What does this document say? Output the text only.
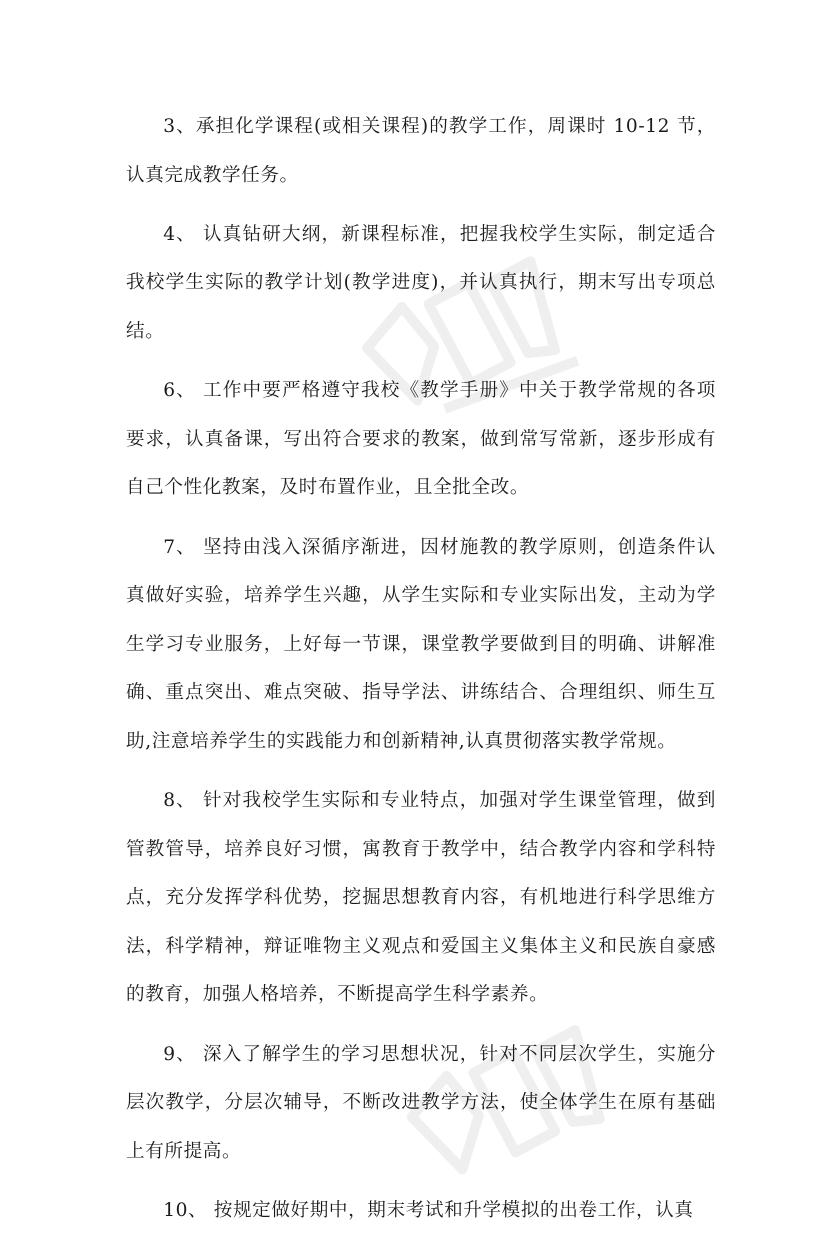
3、承担化学课程(或相关课程)的教学工作，周课时 10-12 节，认真完成教学任务。

4、 认真钻研大纲，新课程标准，把握我校学生实际，制定适合我校学生实际的教学计划(教学进度)，并认真执行，期末写出专项总结。

6、 工作中要严格遵守我校《教学手册》中关于教学常规的各项要求，认真备课，写出符合要求的教案，做到常写常新，逐步形成有自己个性化教案，及时布置作业，且全批全改。

7、 坚持由浅入深循序渐进，因材施教的教学原则，创造条件认真做好实验，培养学生兴趣，从学生实际和专业实际出发，主动为学生学习专业服务，上好每一节课，课堂教学要做到目的明确、讲解准确、重点突出、难点突破、指导学法、讲练结合、合理组织、师生互助,注意培养学生的实践能力和创新精神,认真贯彻落实教学常规。

8、 针对我校学生实际和专业特点，加强对学生课堂管理，做到管教管导，培养良好习惯，寓教育于教学中，结合教学内容和学科特点，充分发挥学科优势，挖掘思想教育内容，有机地进行科学思维方法，科学精神，辩证唯物主义观点和爱国主义集体主义和民族自豪感的教育，加强人格培养，不断提高学生科学素养。

9、 深入了解学生的学习思想状况，针对不同层次学生，实施分层次教学，分层次辅导，不断改进教学方法，使全体学生在原有基础上有所提高。

10、 按规定做好期中，期末考试和升学模拟的出卷工作，认真
